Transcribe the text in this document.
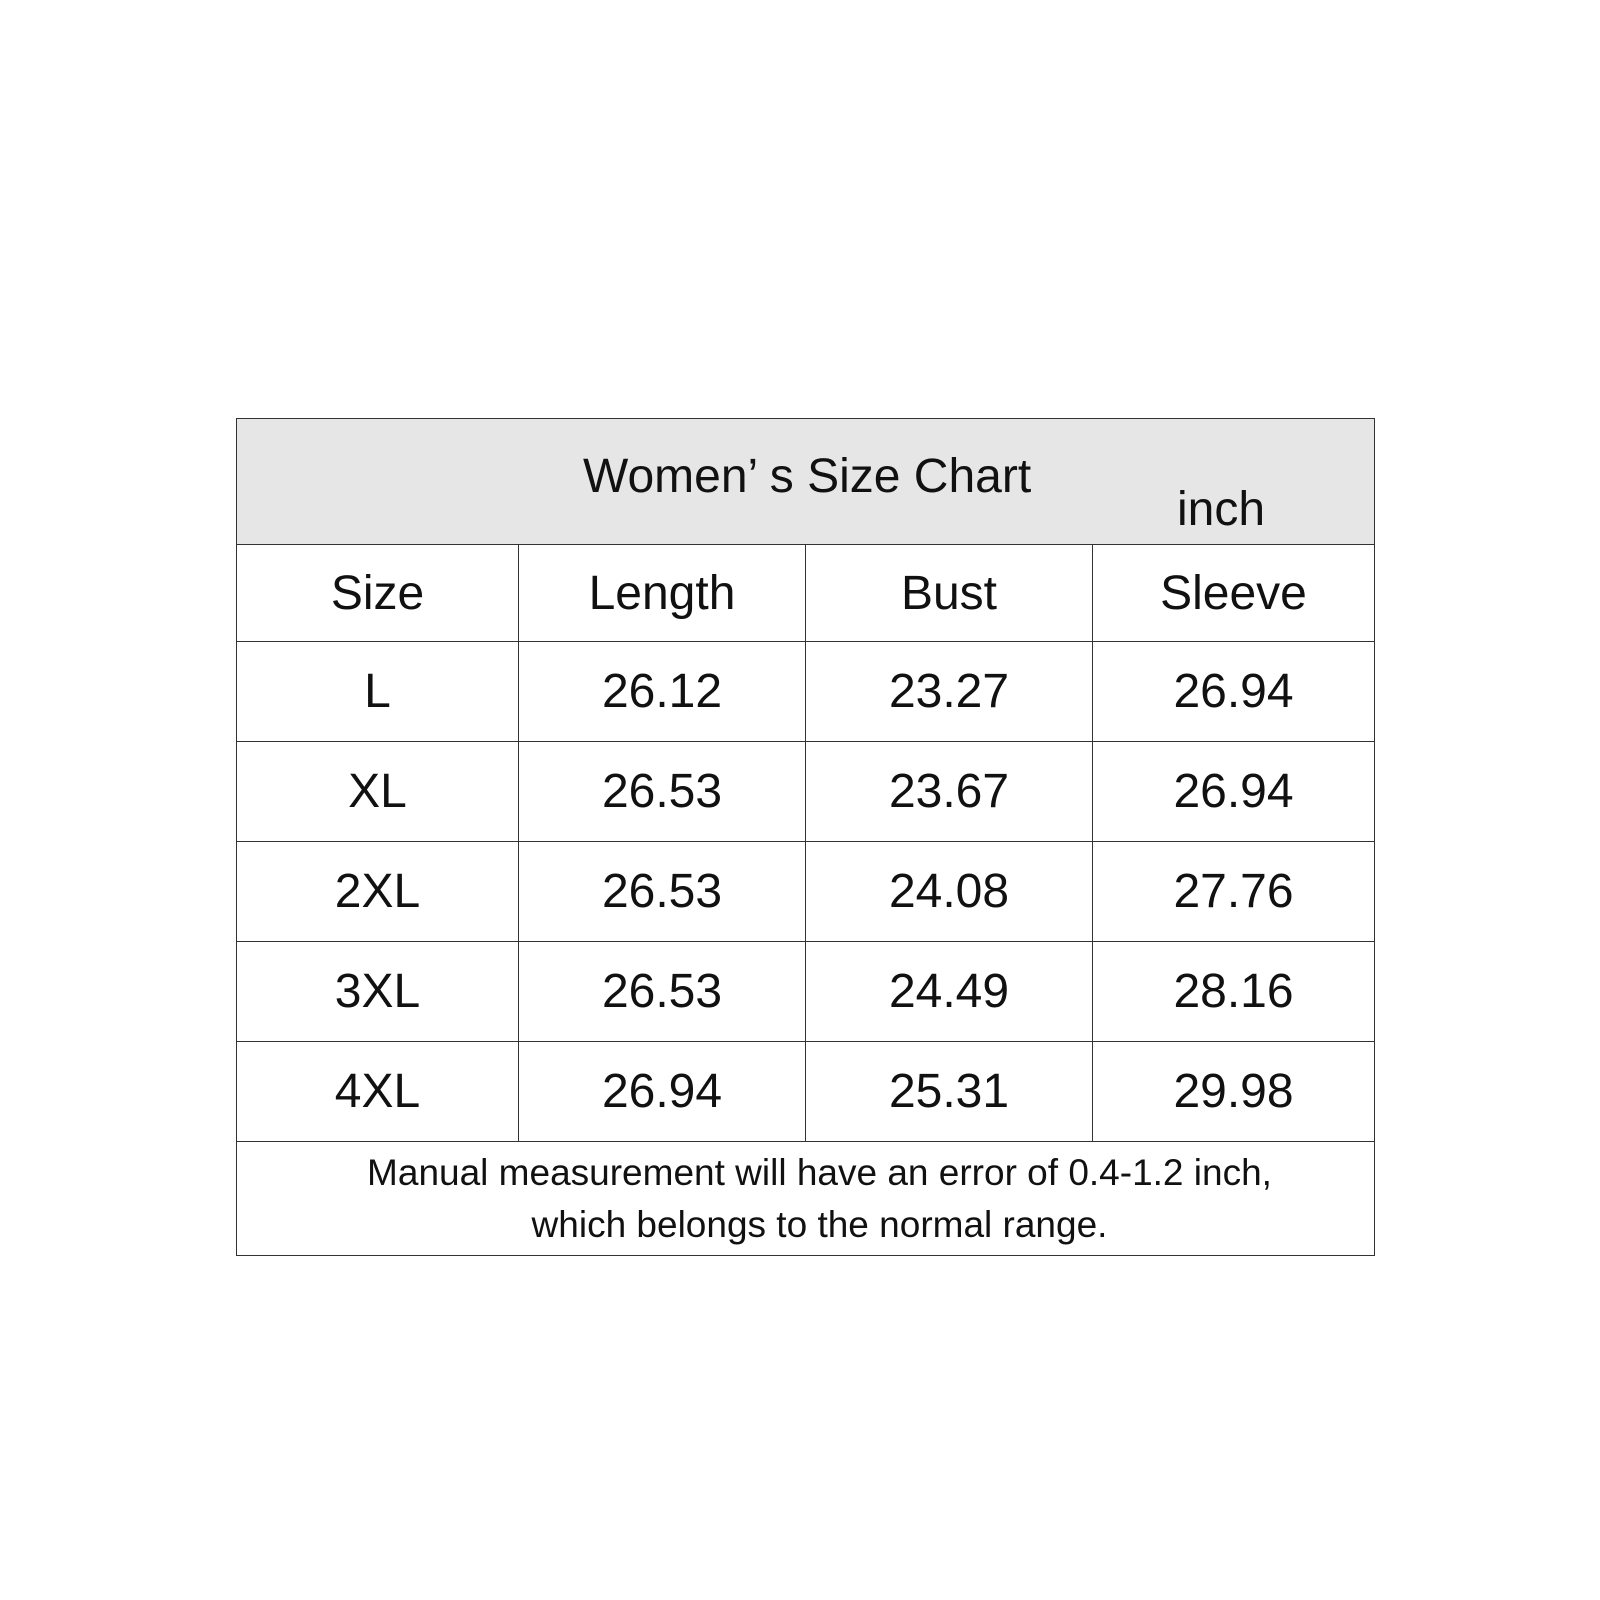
Women’ s Size Chart
inch
Size	Length	Bust	Sleeve
L	26.12	23.27	26.94
XL	26.53	23.67	26.94
2XL	26.53	24.08	27.76
3XL	26.53	24.49	28.16
4XL	26.94	25.31	29.98
Manual measurement will have an error of 0.4-1.2 inch,
which belongs to the normal range.
